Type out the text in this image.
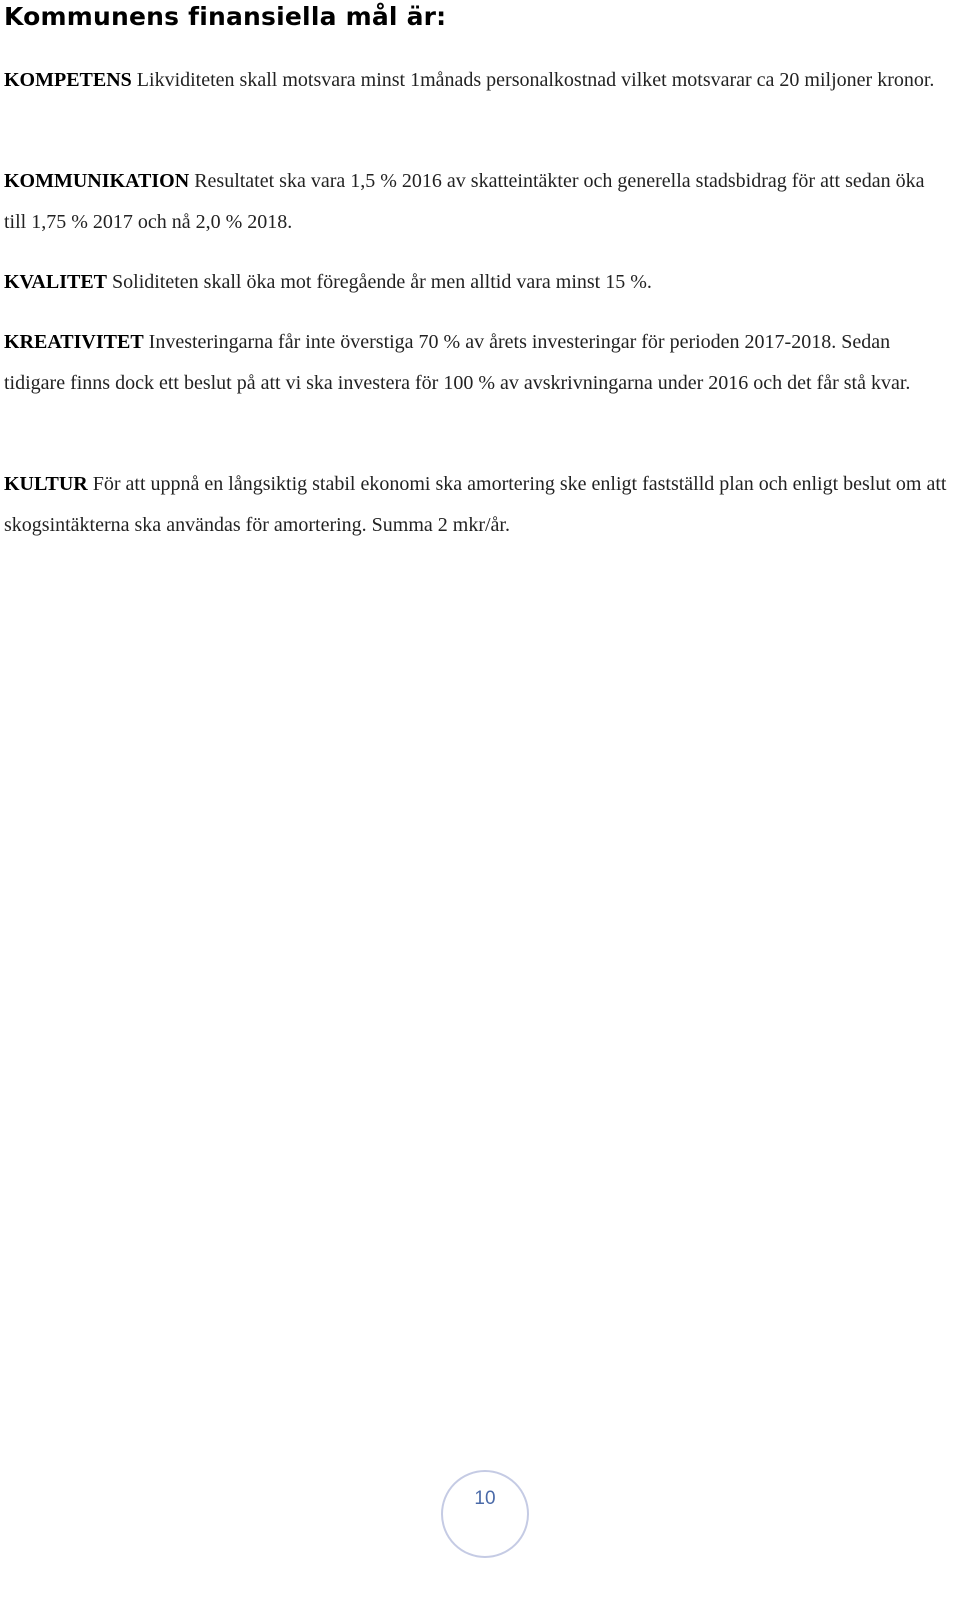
Kommunens finansiella mål är:

KOMPETENS Likviditeten skall motsvara minst 1månads personalkostnad vilket motsvarar ca 20 miljoner kronor.

KOMMUNIKATION Resultatet ska vara 1,5 % 2016 av skatteintäkter och generella stadsbidrag för att sedan öka till 1,75 % 2017 och nå 2,0 % 2018.

KVALITET Soliditeten skall öka mot föregående år men alltid vara minst 15 %.

KREATIVITET Investeringarna får inte överstiga 70 % av årets investeringar för perioden 2017-2018. Sedan tidigare finns dock ett beslut på att vi ska investera för 100 % av avskrivningarna under 2016 och det får stå kvar.

KULTUR För att uppnå en långsiktig stabil ekonomi ska amortering ske enligt fastställd plan och enligt beslut om att skogsintäkterna ska användas för amortering. Summa 2 mkr/år.

10
